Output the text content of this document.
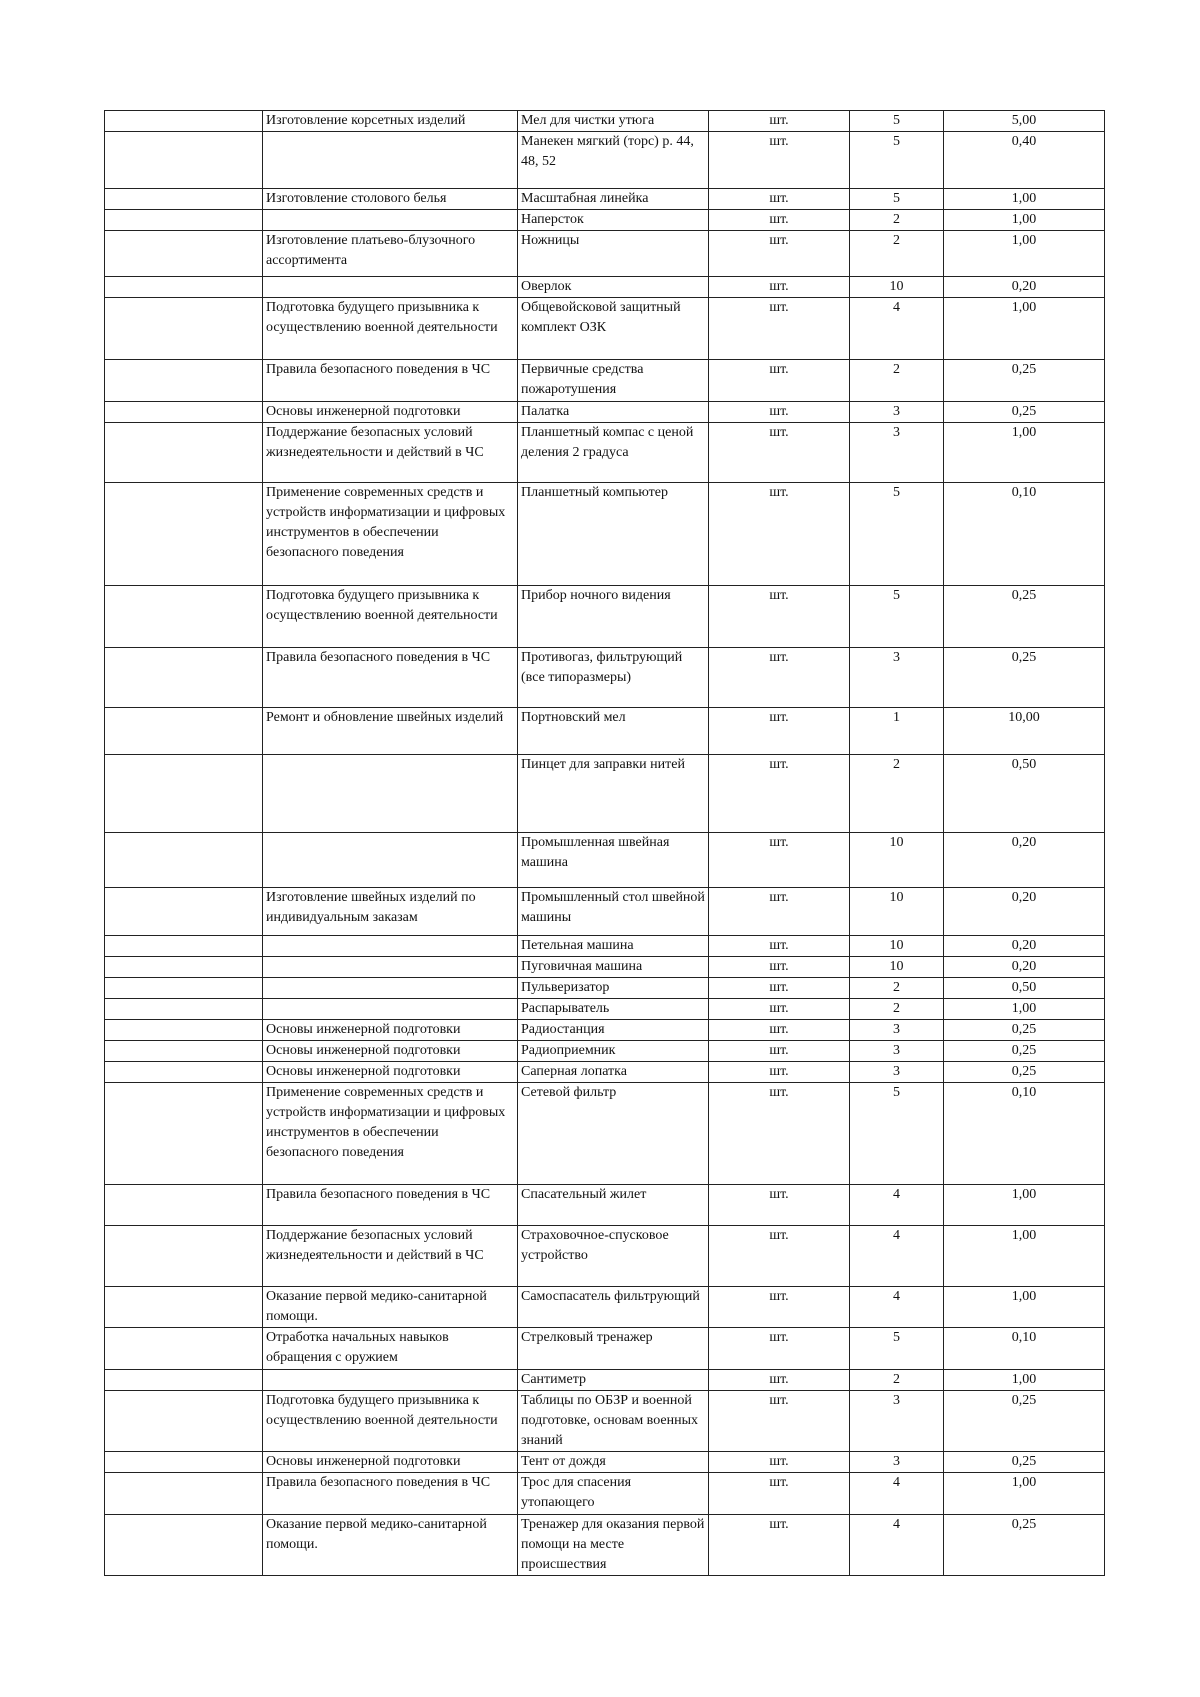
	Изготовление корсетных изделий	Мел для чистки утюга	шт.	5	5,00
		Манекен мягкий (торс) р. 44, 48, 52	шт.	5	0,40
	Изготовление столового белья	Масштабная линейка	шт.	5	1,00
		Наперсток	шт.	2	1,00
	Изготовление платьево-блузочного ассортимента	Ножницы	шт.	2	1,00
		Оверлок	шт.	10	0,20
	Подготовка будущего призывника к осуществлению военной деятельности	Общевойсковой защитный комплект ОЗК	шт.	4	1,00
	Правила безопасного поведения в ЧС	Первичные средства пожаротушения	шт.	2	0,25
	Основы инженерной подготовки	Палатка	шт.	3	0,25
	Поддержание безопасных условий жизнедеятельности и действий в ЧС	Планшетный компас с ценой деления 2 градуса	шт.	3	1,00
	Применение современных средств и устройств информатизации и цифровых инструментов в обеспечении безопасного поведения	Планшетный компьютер	шт.	5	0,10
	Подготовка будущего призывника к осуществлению военной деятельности	Прибор ночного видения	шт.	5	0,25
	Правила безопасного поведения в ЧС	Противогаз, фильтрующий (все типоразмеры)	шт.	3	0,25
	Ремонт и обновление швейных изделий	Портновский мел	шт.	1	10,00
		Пинцет для заправки нитей	шт.	2	0,50
		Промышленная швейная машина	шт.	10	0,20
	Изготовление швейных изделий по индивидуальным заказам	Промышленный стол швейной машины	шт.	10	0,20
		Петельная машина	шт.	10	0,20
		Пуговичная машина	шт.	10	0,20
		Пульверизатор	шт.	2	0,50
		Распарыватель	шт.	2	1,00
	Основы инженерной подготовки	Радиостанция	шт.	3	0,25
	Основы инженерной подготовки	Радиоприемник	шт.	3	0,25
	Основы инженерной подготовки	Саперная лопатка	шт.	3	0,25
	Применение современных средств и устройств информатизации и цифровых инструментов в обеспечении безопасного поведения	Сетевой фильтр	шт.	5	0,10
	Правила безопасного поведения в ЧС	Спасательный жилет	шт.	4	1,00
	Поддержание безопасных условий жизнедеятельности и действий в ЧС	Страховочное-спусковое устройство	шт.	4	1,00
	Оказание первой медико-санитарной помощи.	Самоспасатель фильтрующий	шт.	4	1,00
	Отработка начальных навыков обращения с оружием	Стрелковый тренажер	шт.	5	0,10
		Сантиметр	шт.	2	1,00
	Подготовка будущего призывника к осуществлению военной деятельности	Таблицы по ОБЗР и военной подготовке, основам военных знаний	шт.	3	0,25
	Основы инженерной подготовки	Тент от дождя	шт.	3	0,25
	Правила безопасного поведения в ЧС	Трос для спасения утопающего	шт.	4	1,00
	Оказание первой медико-санитарной помощи.	Тренажер для оказания первой помощи на месте происшествия	шт.	4	0,25
